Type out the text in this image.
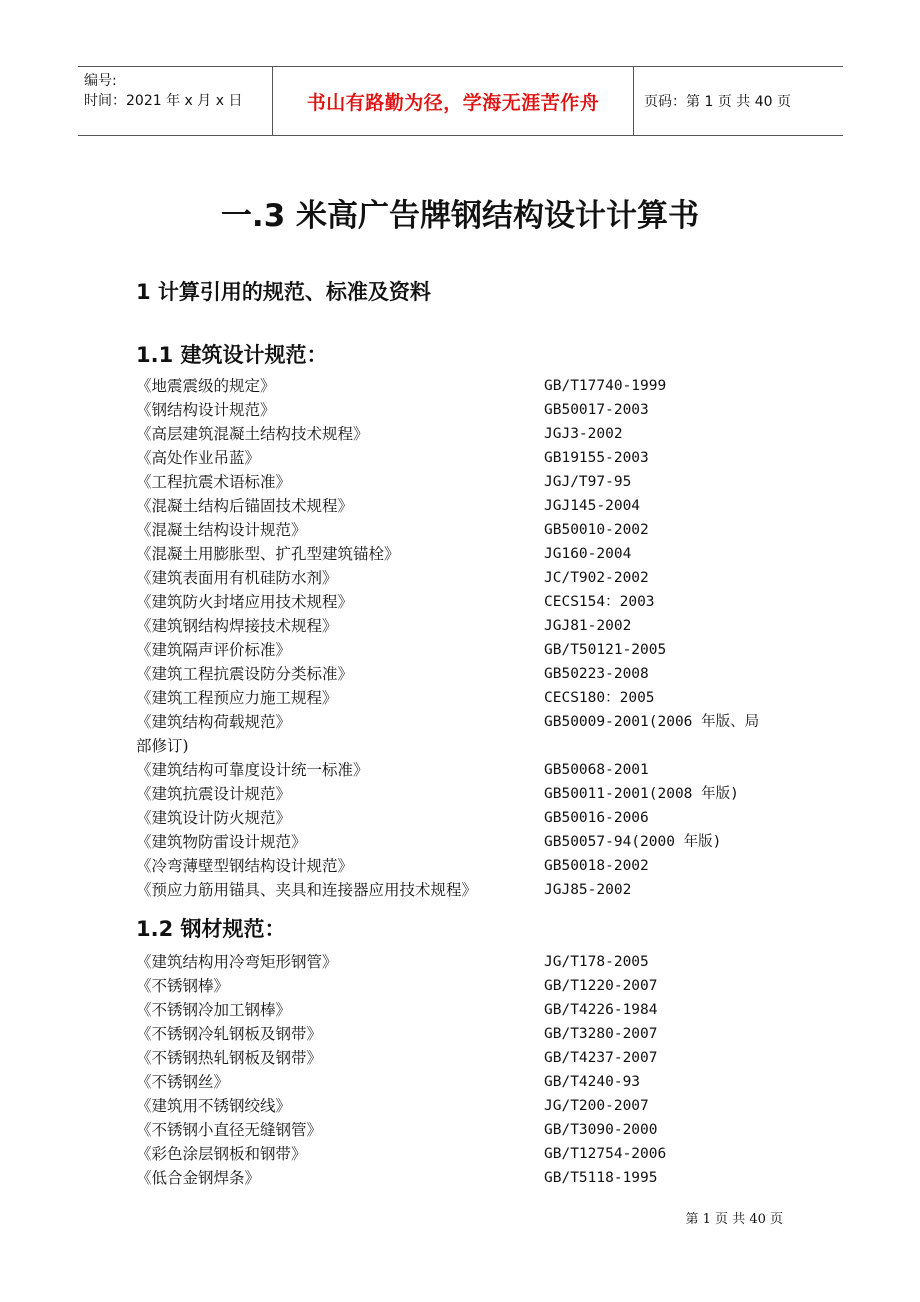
编号:
时间：2021 年 x 月 x 日	书山有路勤为径，学海无涯苦作舟	页码：第 1 页 共 40 页
一.3 米高广告牌钢结构设计计算书
1 计算引用的规范、标准及资料
1.1 建筑设计规范：
《地震震级的规定》	GB/T17740-1999
《钢结构设计规范》	GB50017-2003
《高层建筑混凝土结构技术规程》	JGJ3-2002
《高处作业吊蓝》	GB19155-2003
《工程抗震术语标准》	JGJ/T97-95
《混凝土结构后锚固技术规程》	JGJ145-2004
《混凝土结构设计规范》	GB50010-2002
《混凝土用膨胀型、扩孔型建筑锚栓》	JG160-2004
《建筑表面用有机硅防水剂》	JC/T902-2002
《建筑防火封堵应用技术规程》	CECS154：2003
《建筑钢结构焊接技术规程》	JGJ81-2002
《建筑隔声评价标准》	GB/T50121-2005
《建筑工程抗震设防分类标准》	GB50223-2008
《建筑工程预应力施工规程》	CECS180：2005
《建筑结构荷载规范》	GB50009-2001(2006 年版、局
部修订)
《建筑结构可靠度设计统一标准》	GB50068-2001
《建筑抗震设计规范》	GB50011-2001(2008 年版)
《建筑设计防火规范》	GB50016-2006
《建筑物防雷设计规范》	GB50057-94(2000 年版)
《冷弯薄壁型钢结构设计规范》	GB50018-2002
《预应力筋用锚具、夹具和连接器应用技术规程》	JGJ85-2002
1.2 钢材规范：
《建筑结构用冷弯矩形钢管》	JG/T178-2005
《不锈钢棒》	GB/T1220-2007
《不锈钢冷加工钢棒》	GB/T4226-1984
《不锈钢冷轧钢板及钢带》	GB/T3280-2007
《不锈钢热轧钢板及钢带》	GB/T4237-2007
《不锈钢丝》	GB/T4240-93
《建筑用不锈钢绞线》	JG/T200-2007
《不锈钢小直径无缝钢管》	GB/T3090-2000
《彩色涂层钢板和钢带》	GB/T12754-2006
《低合金钢焊条》	GB/T5118-1995
第 1 页 共 40 页
